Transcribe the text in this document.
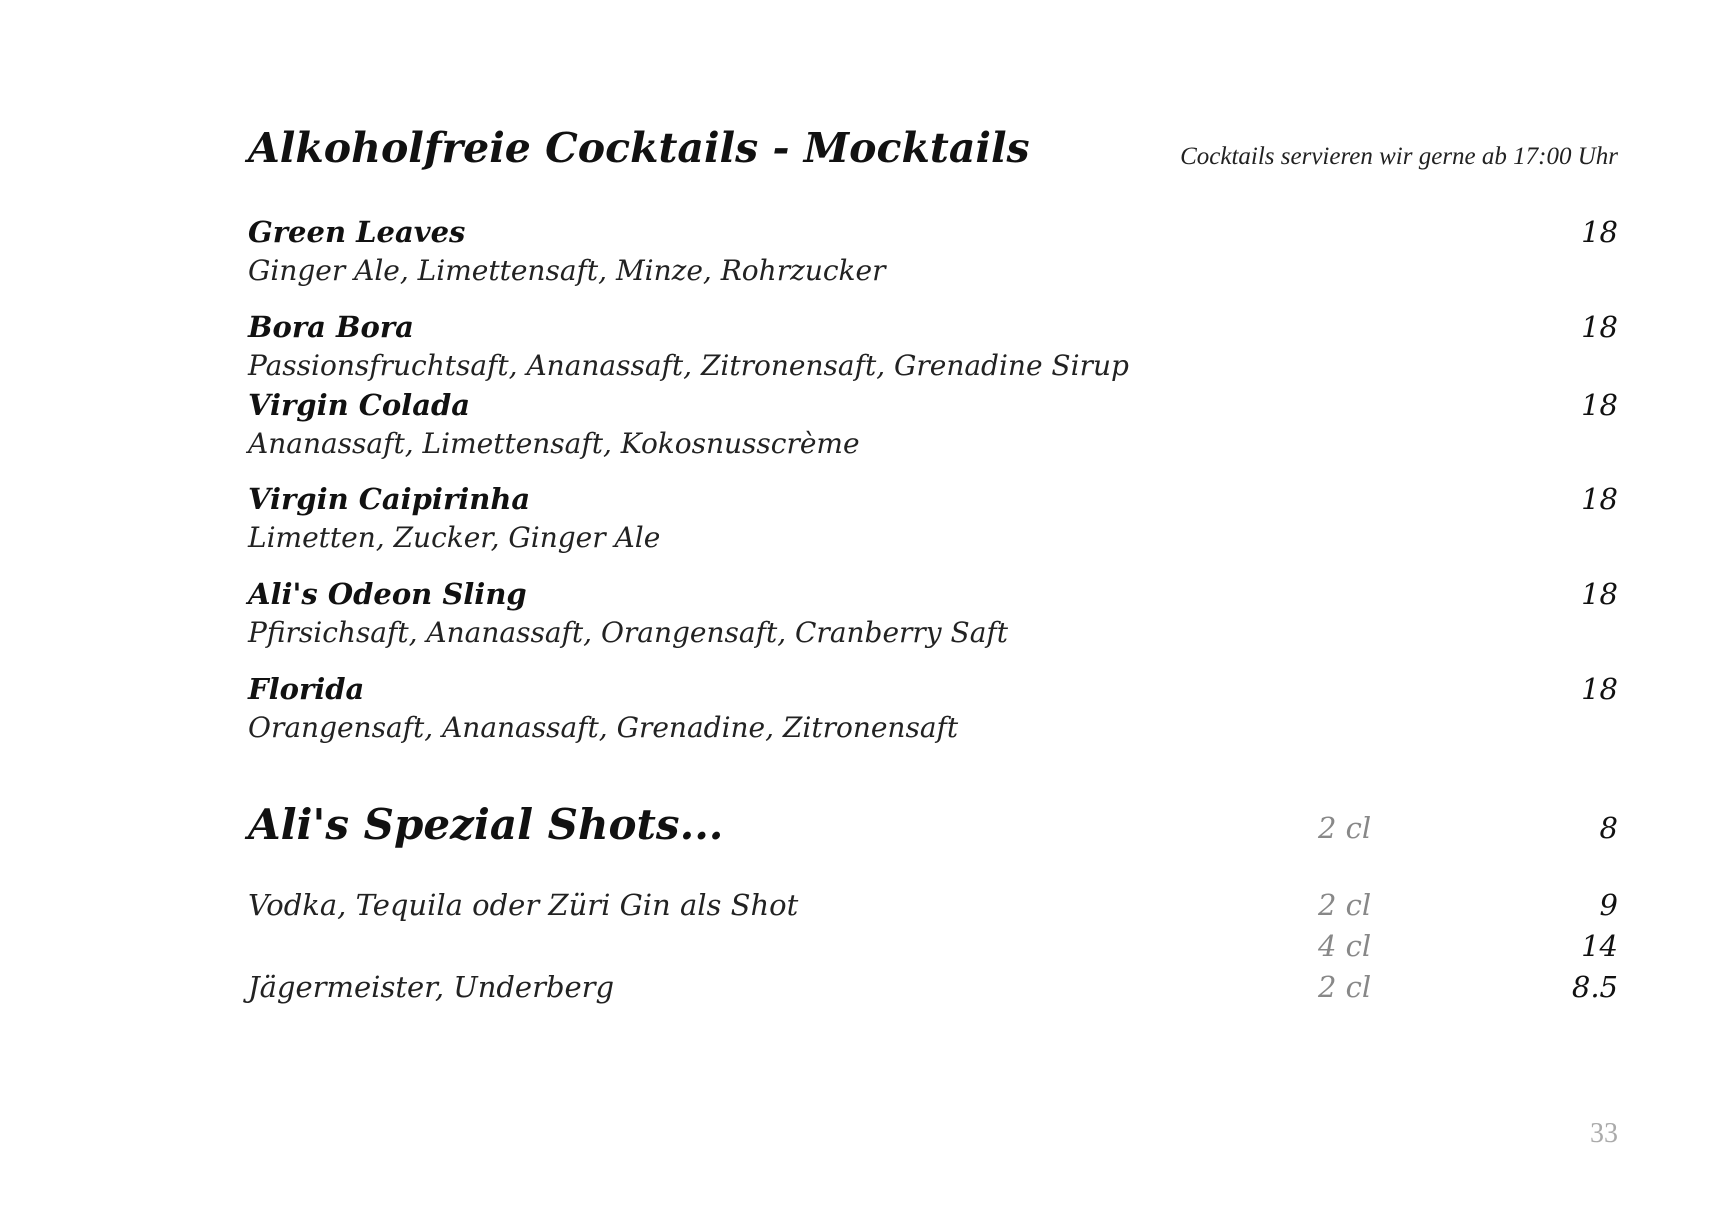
Alkoholfreie Cocktails - Mocktails	Cocktails servieren wir gerne ab 17:00 Uhr
Green Leaves	18
Ginger Ale, Limettensaft, Minze, Rohrzucker
Bora Bora	18
Passionsfruchtsaft, Ananassaft, Zitronensaft, Grenadine Sirup
Virgin Colada	18
Ananassaft, Limettensaft, Kokosnusscrème
Virgin Caipirinha	18
Limetten, Zucker, Ginger Ale
Ali's Odeon Sling	18
Pfirsichsaft, Ananassaft, Orangensaft, Cranberry Saft
Florida	18
Orangensaft, Ananassaft, Grenadine, Zitronensaft
Ali's Spezial Shots...	2 cl	8
Vodka, Tequila oder Züri Gin als Shot	2 cl	9
4 cl	14
Jägermeister, Underberg	2 cl	8.5
33
